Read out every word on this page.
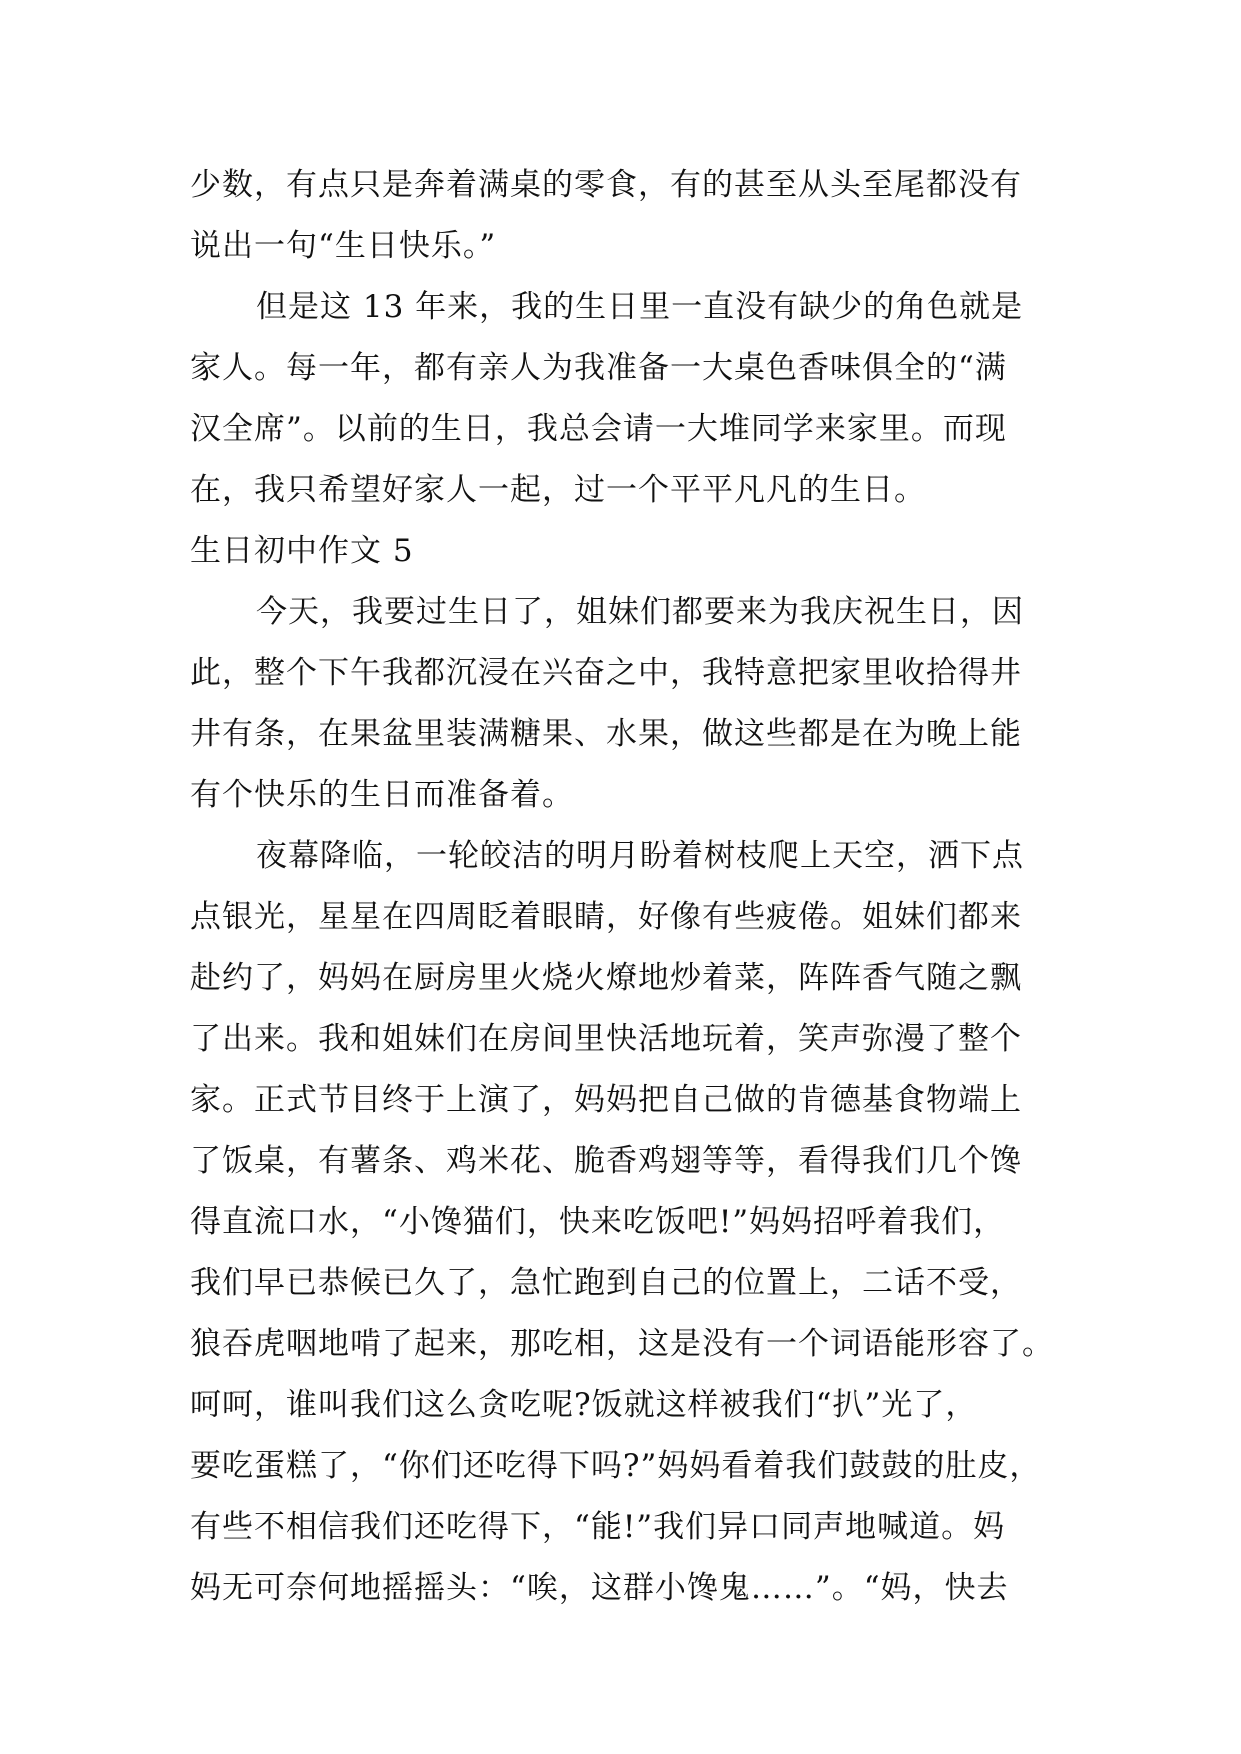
少数，有点只是奔着满桌的零食，有的甚至从头至尾都没有
说出一句“生日快乐。”
但是这 13 年来，我的生日里一直没有缺少的角色就是
家人。每一年，都有亲人为我准备一大桌色香味俱全的“满
汉全席”。以前的生日，我总会请一大堆同学来家里。而现
在，我只希望好家人一起，过一个平平凡凡的生日。
生日初中作文 5
今天，我要过生日了，姐妹们都要来为我庆祝生日，因
此，整个下午我都沉浸在兴奋之中，我特意把家里收拾得井
井有条，在果盆里装满糖果、水果，做这些都是在为晚上能
有个快乐的生日而准备着。
夜幕降临，一轮皎洁的明月盼着树枝爬上天空，洒下点
点银光，星星在四周眨着眼睛，好像有些疲倦。姐妹们都来
赴约了，妈妈在厨房里火烧火燎地炒着菜，阵阵香气随之飘
了出来。我和姐妹们在房间里快活地玩着，笑声弥漫了整个
家。正式节目终于上演了，妈妈把自己做的肯德基食物端上
了饭桌，有薯条、鸡米花、脆香鸡翅等等，看得我们几个馋
得直流口水，“小馋猫们，快来吃饭吧!”妈妈招呼着我们，
我们早已恭候已久了，急忙跑到自己的位置上，二话不受，
狼吞虎咽地啃了起来，那吃相，这是没有一个词语能形容了。
呵呵，谁叫我们这么贪吃呢?饭就这样被我们“扒”光了，
要吃蛋糕了，“你们还吃得下吗?”妈妈看着我们鼓鼓的肚皮，
有些不相信我们还吃得下，“能!”我们异口同声地喊道。妈
妈无可奈何地摇摇头：“唉，这群小馋鬼……”。“妈，快去
